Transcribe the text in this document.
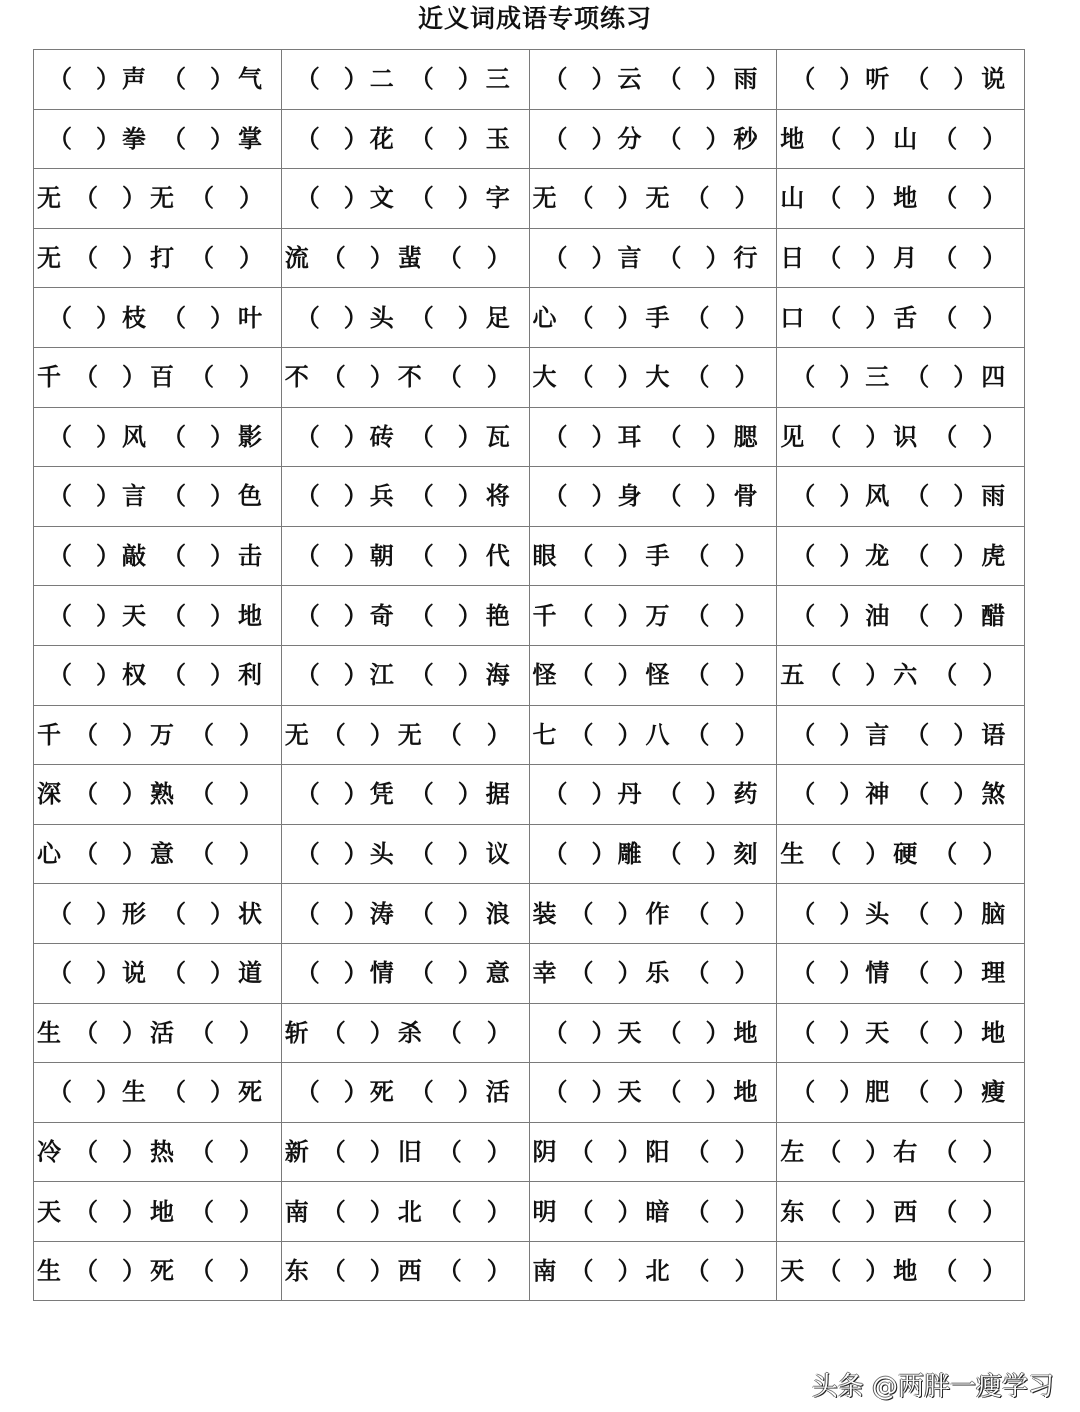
近义词成语专项练习
（ ） 声 （ ） 气	（ ） 二 （ ） 三	（ ） 云 （ ） 雨	（ ） 听 （ ） 说

（ ） 拳 （ ） 掌	（ ） 花 （ ） 玉	（ ） 分 （ ） 秒	地 （ ） 山 （ ）

无 （ ） 无 （ ）	（ ） 文 （ ） 字	无 （ ） 无 （ ）	山 （ ） 地 （ ）

无 （ ） 打 （ ）	流 （ ） 蜚 （ ）	（ ） 言 （ ） 行	日 （ ） 月 （ ）

（ ） 枝 （ ） 叶	（ ） 头 （ ） 足	心 （ ） 手 （ ）	口 （ ） 舌 （ ）

千 （ ） 百 （ ）	不 （ ） 不 （ ）	大 （ ） 大 （ ）	（ ） 三 （ ） 四

（ ） 风 （ ） 影	（ ） 砖 （ ） 瓦	（ ） 耳 （ ） 腮	见 （ ） 识 （ ）

（ ） 言 （ ） 色	（ ） 兵 （ ） 将	（ ） 身 （ ） 骨	（ ） 风 （ ） 雨

（ ） 敲 （ ） 击	（ ） 朝 （ ） 代	眼 （ ） 手 （ ）	（ ） 龙 （ ） 虎

（ ） 天 （ ） 地	（ ） 奇 （ ） 艳	千 （ ） 万 （ ）	（ ） 油 （ ） 醋

（ ） 权 （ ） 利	（ ） 江 （ ） 海	怪 （ ） 怪 （ ）	五 （ ） 六 （ ）

千 （ ） 万 （ ）	无 （ ） 无 （ ）	七 （ ） 八 （ ）	（ ） 言 （ ） 语

深 （ ） 熟 （ ）	（ ） 凭 （ ） 据	（ ） 丹 （ ） 药	（ ） 神 （ ） 煞

心 （ ） 意 （ ）	（ ） 头 （ ） 议	（ ） 雕 （ ） 刻	生 （ ） 硬 （ ）

（ ） 形 （ ） 状	（ ） 涛 （ ） 浪	装 （ ） 作 （ ）	（ ） 头 （ ） 脑

（ ） 说 （ ） 道	（ ） 情 （ ） 意	幸 （ ） 乐 （ ）	（ ） 情 （ ） 理

生 （ ） 活 （ ）	斩 （ ） 杀 （ ）	（ ） 天 （ ） 地	（ ） 天 （ ） 地

（ ） 生 （ ） 死	（ ） 死 （ ） 活	（ ） 天 （ ） 地	（ ） 肥 （ ） 瘦

冷 （ ） 热 （ ）	新 （ ） 旧 （ ）	阴 （ ） 阳 （ ）	左 （ ） 右 （ ）

天 （ ） 地 （ ）	南 （ ） 北 （ ）	明 （ ） 暗 （ ）	东 （ ） 西 （ ）

生 （ ） 死 （ ）	东 （ ） 西 （ ）	南 （ ） 北 （ ）	天 （ ） 地 （ ）
头条 @两胖一瘦学习
